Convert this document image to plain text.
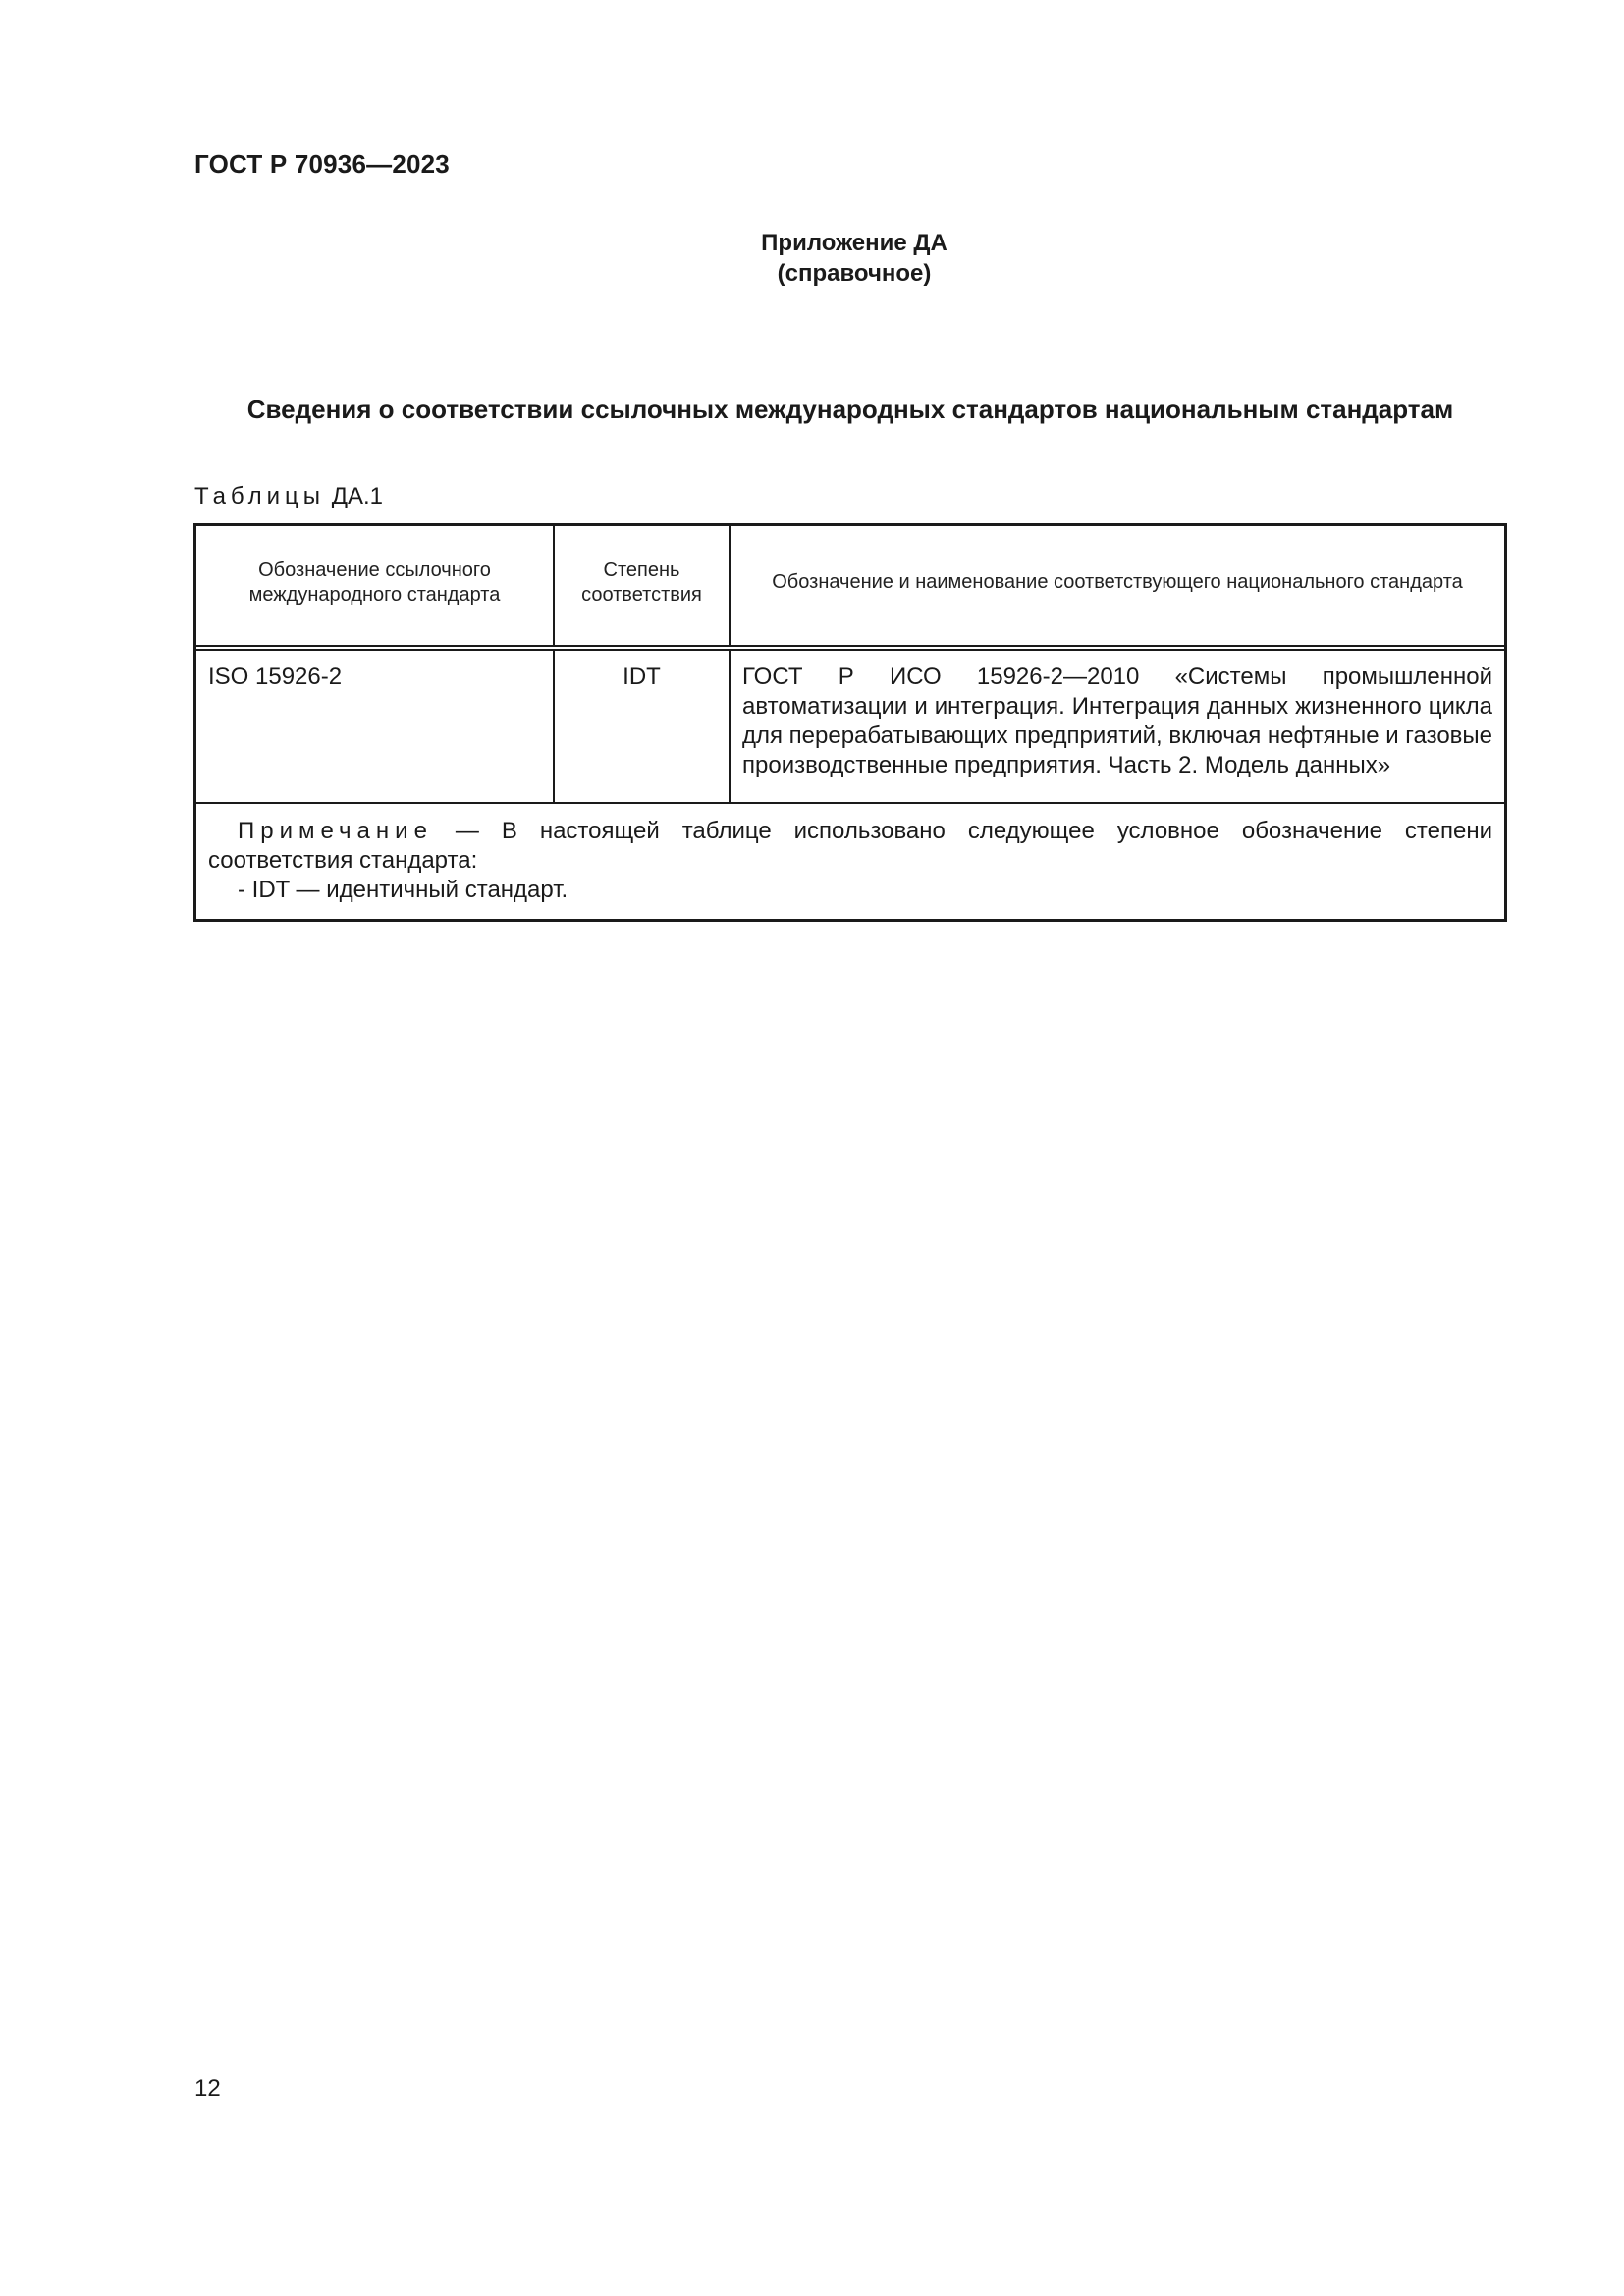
ГОСТ Р 70936—2023
Приложение ДА
(справочное)
Сведения о соответствии ссылочных международных стандартов национальным стандартам
Таблицы ДА.1
Обозначение ссылочного международного стандарта	Степень соответствия	Обозначение и наименование соответствующего национального стандарта
ISO 15926-2	IDT	ГОСТ Р ИСО 15926-2—2010 «Системы промышленной автоматизации и интеграция. Интеграция данных жизненного цикла для перерабатывающих предприятий, включая нефтяные и газовые производственные предприятия. Часть 2. Модель данных»

Примечание — В настоящей таблице использовано следующее условное обозначение степени соответствия стандарта:
- IDT — идентичный стандарт.		
12
